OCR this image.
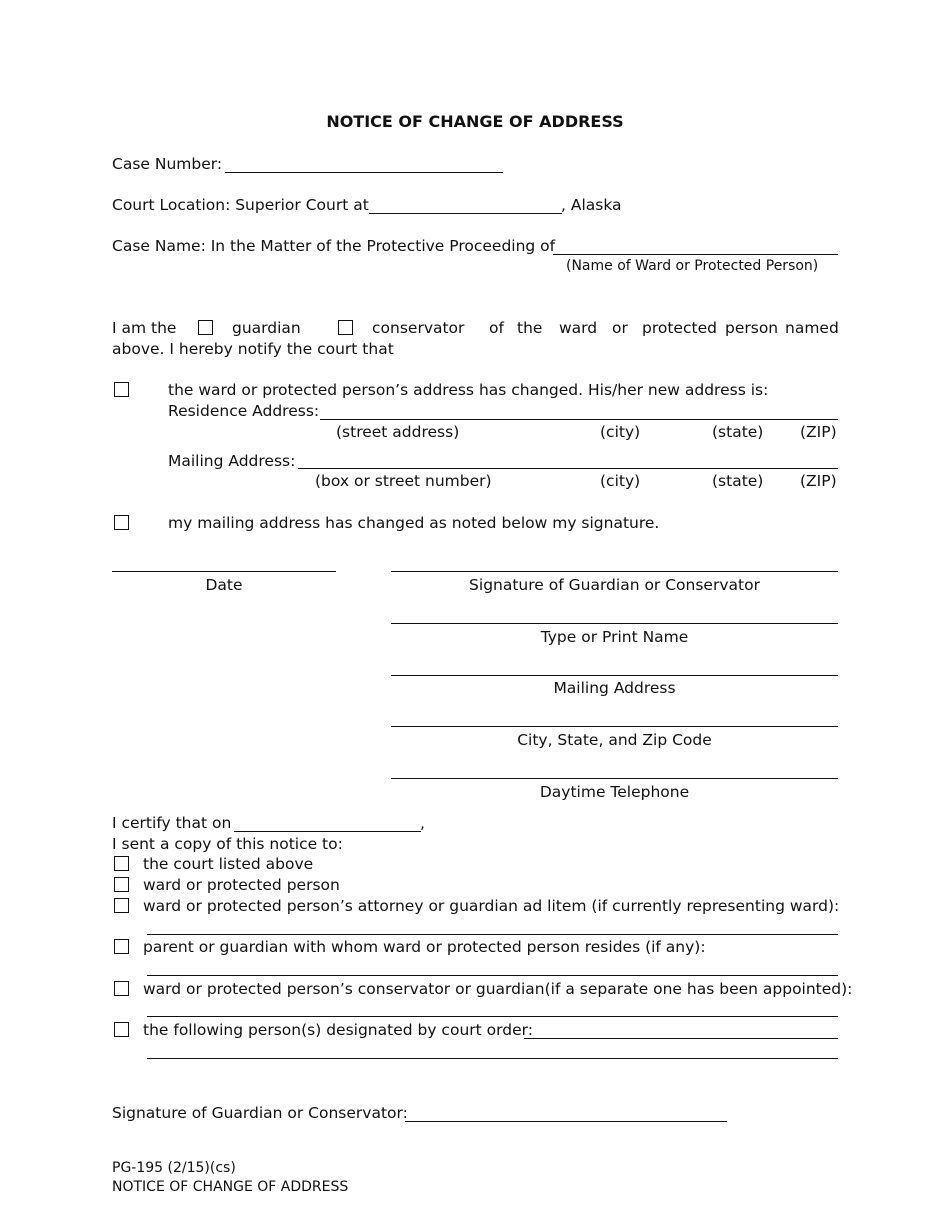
NOTICE OF CHANGE OF ADDRESS
Case Number:
Court Location: Superior Court at	, Alaska
Case Name: In the Matter of the Protective Proceeding of
(Name of Ward or Protected Person)
I am the	guardian	conservator of the ward or protected person named
above. I hereby notify the court that
the ward or protected person’s address has changed. His/her new address is:
Residence Address:
(street address)	(city)	(state) (ZIP)
Mailing Address:
(box or street number)	(city)	(state) (ZIP)
my mailing address has changed as noted below my signature.
Date	Signature of Guardian or Conservator
Type or Print Name
Mailing Address
City, State, and Zip Code
Daytime Telephone
I certify that on	,
I sent a copy of this notice to:
the court listed above
ward or protected person
ward or protected person’s attorney or guardian ad litem (if currently representing ward):
parent or guardian with whom ward or protected person resides (if any):
ward or protected person’s conservator or guardian(if a separate one has been appointed):
the following person(s) designated by court order:
Signature of Guardian or Conservator:
PG-195 (2/15)(cs)
NOTICE OF CHANGE OF ADDRESS
